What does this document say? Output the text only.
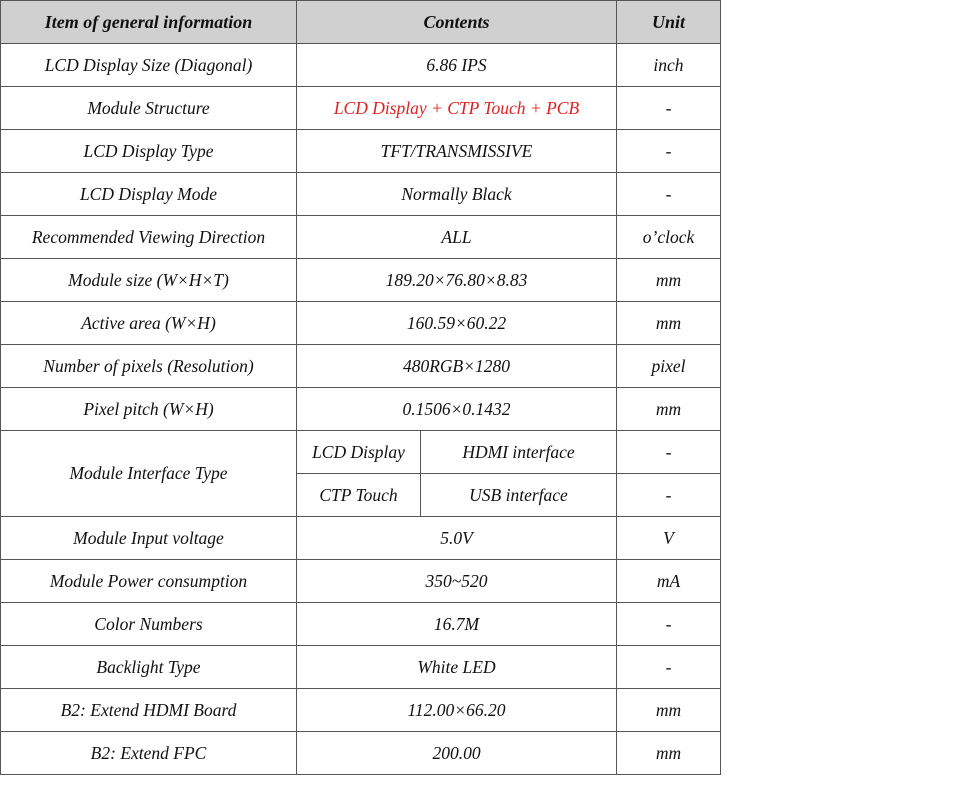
Item of general information	Contents		Unit
LCD Display Size (Diagonal)	6.86 IPS		inch
Module Structure	LCD Display + CTP Touch + PCB		-
LCD Display Type	TFT/TRANSMISSIVE		-
LCD Display Mode	Normally Black		-
Recommended Viewing Direction	ALL		o’clock
Module size (W×H×T)	189.20×76.80×8.83		mm
Active area (W×H)	160.59×60.22		mm
Number of pixels (Resolution)	480RGB×1280		pixel
Pixel pitch (W×H)	0.1506×0.1432		mm
Module Interface Type	LCD Display	HDMI interface	-
	CTP Touch	USB interface	-
Module Input voltage	5.0V		V
Module Power consumption	350~520		mA
Color Numbers	16.7M		-
Backlight Type	White LED		-
B2: Extend HDMI Board	112.00×66.20		mm
B2: Extend FPC	200.00		mm
